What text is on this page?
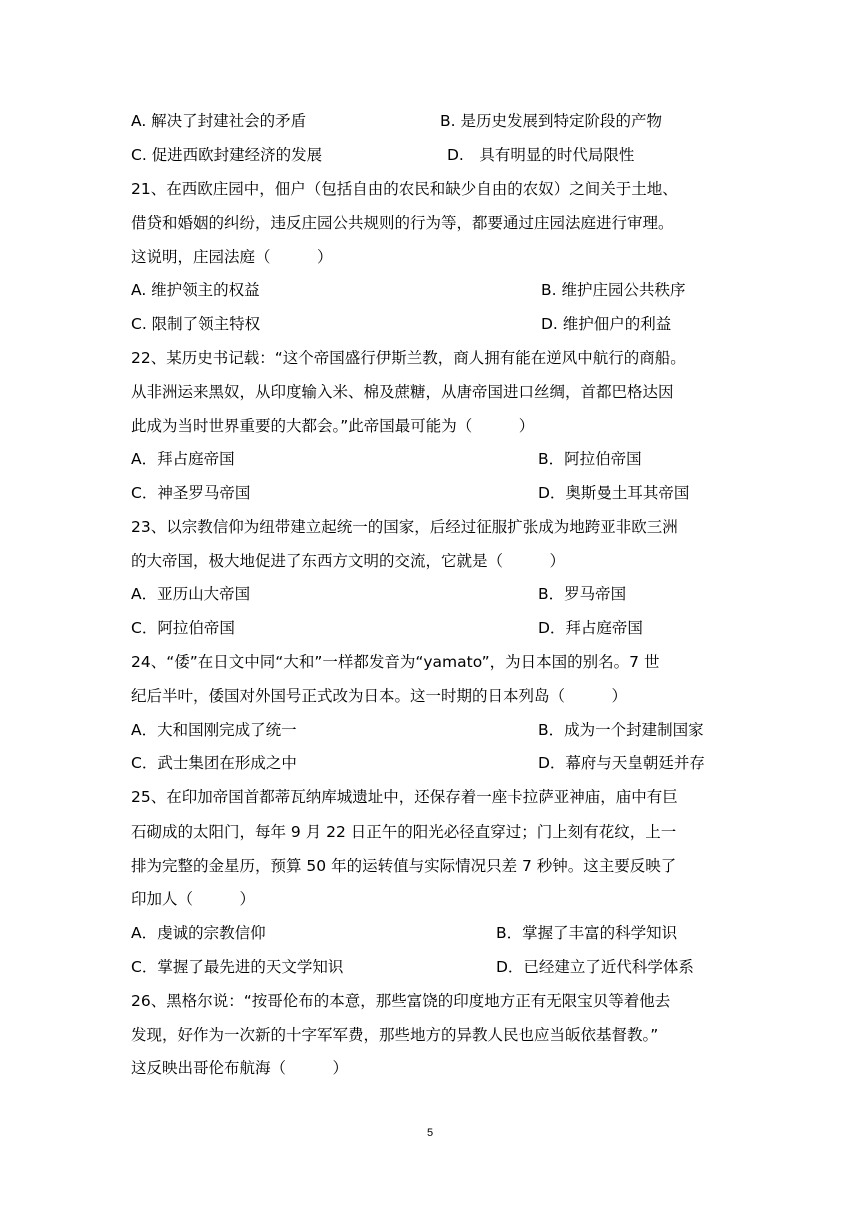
A. 解决了封建社会的矛盾	B. 是历史发展到特定阶段的产物
C. 促进西欧封建经济的发展	D.　具有明显的时代局限性
21、在西欧庄园中，佃户（包括自由的农民和缺少自由的农奴）之间关于土地、
借贷和婚姻的纠纷，违反庄园公共规则的行为等，都要通过庄园法庭进行审理。
这说明，庄园法庭（　　　）
A. 维护领主的权益	B. 维护庄园公共秩序
C. 限制了领主特权	D. 维护佃户的利益
22、某历史书记载：“这个帝国盛行伊斯兰教，商人拥有能在逆风中航行的商船。
从非洲运来黑奴，从印度输入米、棉及蔗糖，从唐帝国进口丝绸，首都巴格达因
此成为当时世界重要的大都会。”此帝国最可能为（　　　）
A．拜占庭帝国	B．阿拉伯帝国
C．神圣罗马帝国	D．奥斯曼土耳其帝国
23、以宗教信仰为纽带建立起统一的国家，后经过征服扩张成为地跨亚非欧三洲
的大帝国，极大地促进了东西方文明的交流，它就是（　　　）
A．亚历山大帝国	B．罗马帝国
C．阿拉伯帝国	D．拜占庭帝国
24、“倭”在日文中同“大和”一样都发音为“yamato”，为日本国的别名。7 世
纪后半叶，倭国对外国号正式改为日本。这一时期的日本列岛（　　　）
A．大和国刚完成了统一	B．成为一个封建制国家
C．武士集团在形成之中	D．幕府与天皇朝廷并存
25、在印加帝国首都蒂瓦纳库城遗址中，还保存着一座卡拉萨亚神庙，庙中有巨
石砌成的太阳门，每年 9 月 22 日正午的阳光必径直穿过；门上刻有花纹，上一
排为完整的金星历，预算 50 年的运转值与实际情况只差 7 秒钟。这主要反映了
印加人（　　　）
A．虔诚的宗教信仰	B．掌握了丰富的科学知识
C．掌握了最先进的天文学知识	D．已经建立了近代科学体系
26、黑格尔说：“按哥伦布的本意，那些富饶的印度地方正有无限宝贝等着他去
发现，好作为一次新的十字军军费，那些地方的异教人民也应当皈依基督教。”
这反映出哥伦布航海（　　　）
5
